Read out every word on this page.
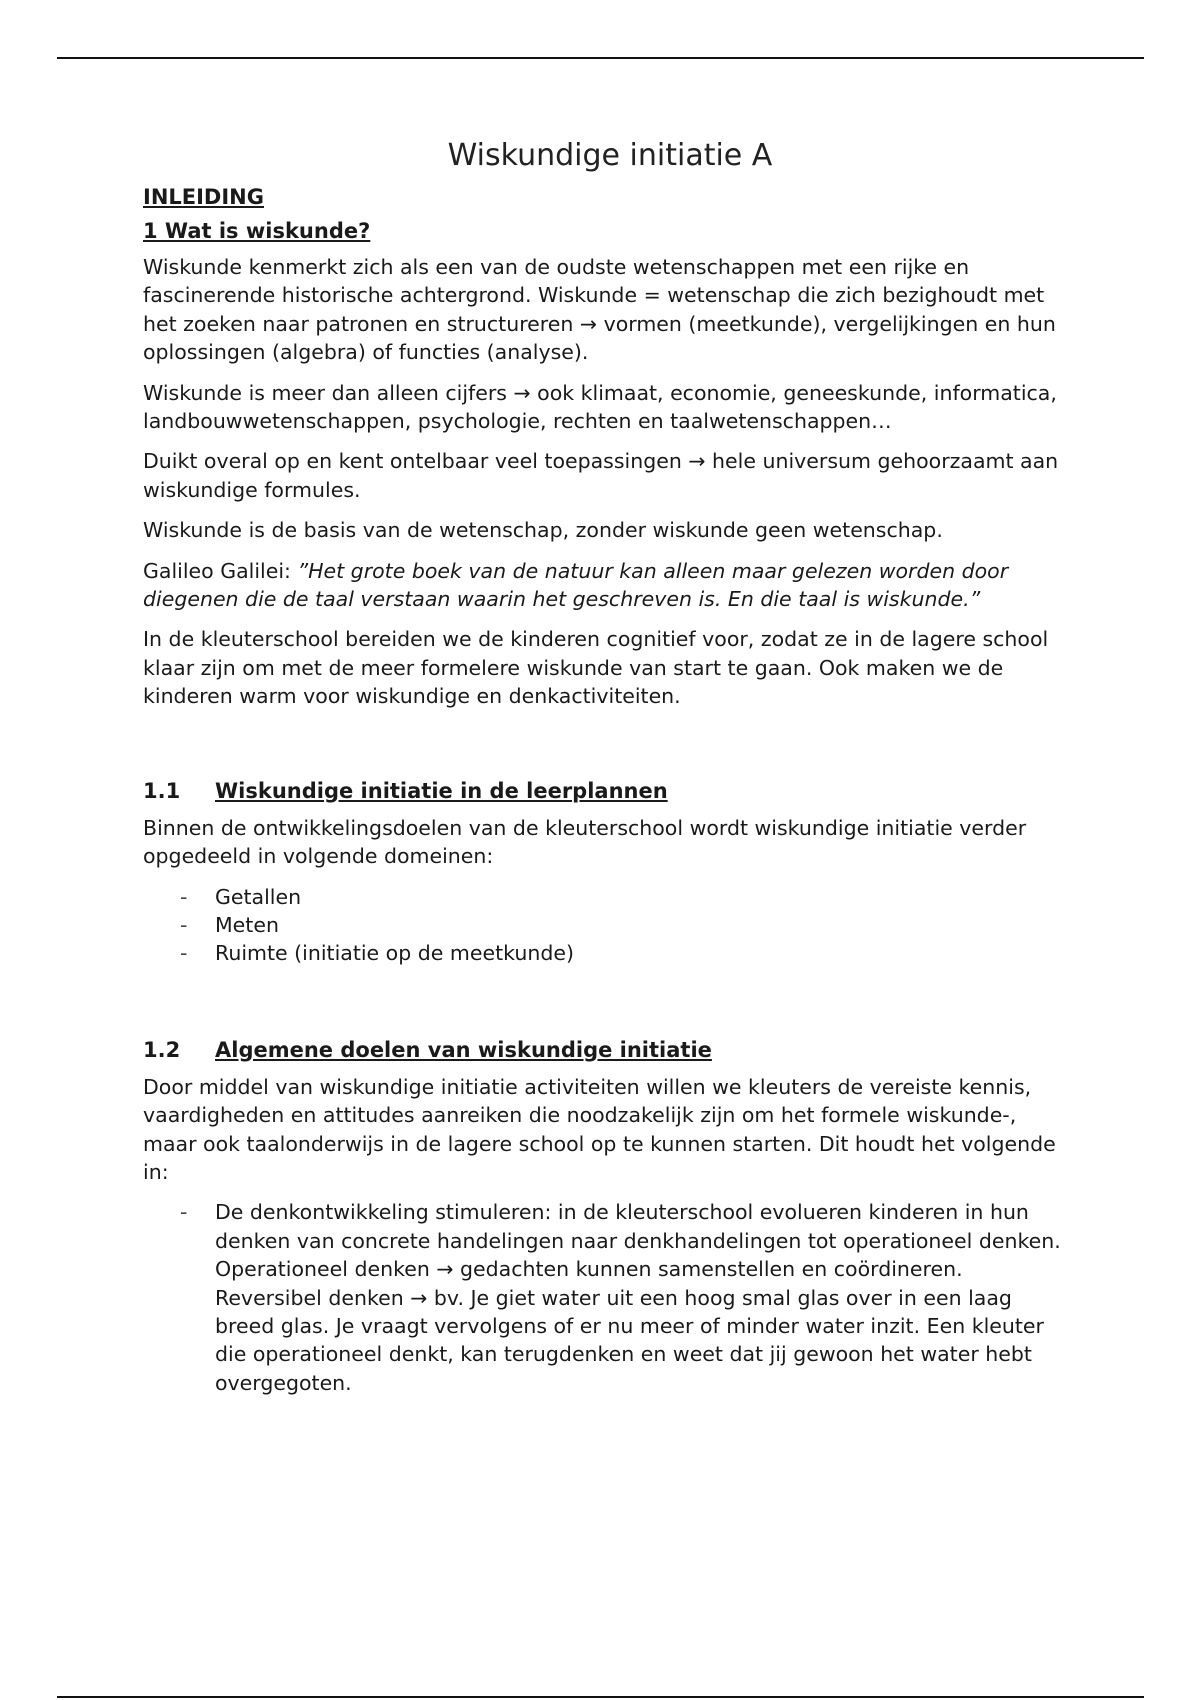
Wiskundige initiatie A
INLEIDING
1 Wat is wiskunde?

Wiskunde kenmerkt zich als een van de oudste wetenschappen met een rijke en fascinerende historische achtergrond. Wiskunde = wetenschap die zich bezighoudt met het zoeken naar patronen en structureren → vormen (meetkunde), vergelijkingen en hun oplossingen (algebra) of functies (analyse).

Wiskunde is meer dan alleen cijfers → ook klimaat, economie, geneeskunde, informatica, landbouwwetenschappen, psychologie, rechten en taalwetenschappen…

Duikt overal op en kent ontelbaar veel toepassingen → hele universum gehoorzaamt aan wiskundige formules.

Wiskunde is de basis van de wetenschap, zonder wiskunde geen wetenschap.

Galileo Galilei: ”Het grote boek van de natuur kan alleen maar gelezen worden door diegenen die de taal verstaan waarin het geschreven is. En die taal is wiskunde.”

In de kleuterschool bereiden we de kinderen cognitief voor, zodat ze in de lagere school klaar zijn om met de meer formelere wiskunde van start te gaan. Ook maken we de kinderen warm voor wiskundige en denkactiviteiten.

1.1	Wiskundige initiatie in de leerplannen

Binnen de ontwikkelingsdoelen van de kleuterschool wordt wiskundige initiatie verder opgedeeld in volgende domeinen:

- Getallen
- Meten
- Ruimte (initiatie op de meetkunde)
1.2	Algemene doelen van wiskundige initiatie

Door middel van wiskundige initiatie activiteiten willen we kleuters de vereiste kennis, vaardigheden en attitudes aanreiken die noodzakelijk zijn om het formele wiskunde-, maar ook taalonderwijs in de lagere school op te kunnen starten. Dit houdt het volgende in:

- De denkontwikkeling stimuleren: in de kleuterschool evolueren kinderen in hun denken van concrete handelingen naar denkhandelingen tot operationeel denken.
Operationeel denken → gedachten kunnen samenstellen en coördineren.
Reversibel denken → bv. Je giet water uit een hoog smal glas over in een laag breed glas. Je vraagt vervolgens of er nu meer of minder water inzit. Een kleuter die operationeel denkt, kan terugdenken en weet dat jij gewoon het water hebt overgegoten.
